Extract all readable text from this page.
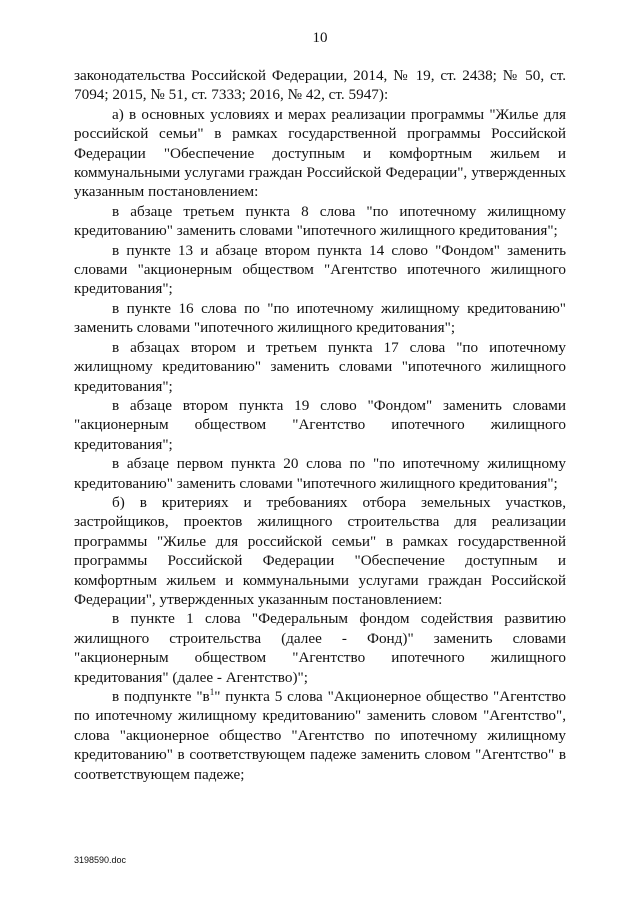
10

законодательства Российской Федерации, 2014, № 19, ст. 2438; № 50, ст. 7094; 2015, № 51, ст. 7333; 2016, № 42, ст. 5947):

а) в основных условиях и мерах реализации программы "Жилье для российской семьи" в рамках государственной программы Российской Федерации "Обеспечение доступным и комфортным жильем и коммунальными услугами граждан Российской Федерации", утвержденных указанным постановлением:

в абзаце третьем пункта 8 слова "по ипотечному жилищному кредитованию" заменить словами "ипотечного жилищного кредитования";

в пункте 13 и абзаце втором пункта 14 слово "Фондом" заменить словами "акционерным обществом "Агентство ипотечного жилищного кредитования";

в пункте 16 слова по "по ипотечному жилищному кредитованию" заменить словами "ипотечного жилищного кредитования";

в абзацах втором и третьем пункта 17 слова "по ипотечному жилищному кредитованию" заменить словами "ипотечного жилищного кредитования";

в абзаце втором пункта 19 слово "Фондом" заменить словами "акционерным обществом "Агентство ипотечного жилищного кредитования";

в абзаце первом пункта 20 слова по "по ипотечному жилищному кредитованию" заменить словами "ипотечного жилищного кредитования";

б) в критериях и требованиях отбора земельных участков, застройщиков, проектов жилищного строительства для реализации программы "Жилье для российской семьи" в рамках государственной программы Российской Федерации "Обеспечение доступным и комфортным жильем и коммунальными услугами граждан Российской Федерации", утвержденных указанным постановлением:

в пункте 1 слова "Федеральным фондом содействия развитию жилищного строительства (далее - Фонд)" заменить словами "акционерным обществом "Агентство ипотечного жилищного кредитования" (далее - Агентство)";

в подпункте "$в^1$" пункта 5 слова "Акционерное общество "Агентство по ипотечному жилищному кредитованию" заменить словом "Агентство", слова "акционерное общество "Агентство по ипотечному жилищному кредитованию" в соответствующем падеже заменить словом "Агентство" в соответствующем падеже;

3198590.doc
